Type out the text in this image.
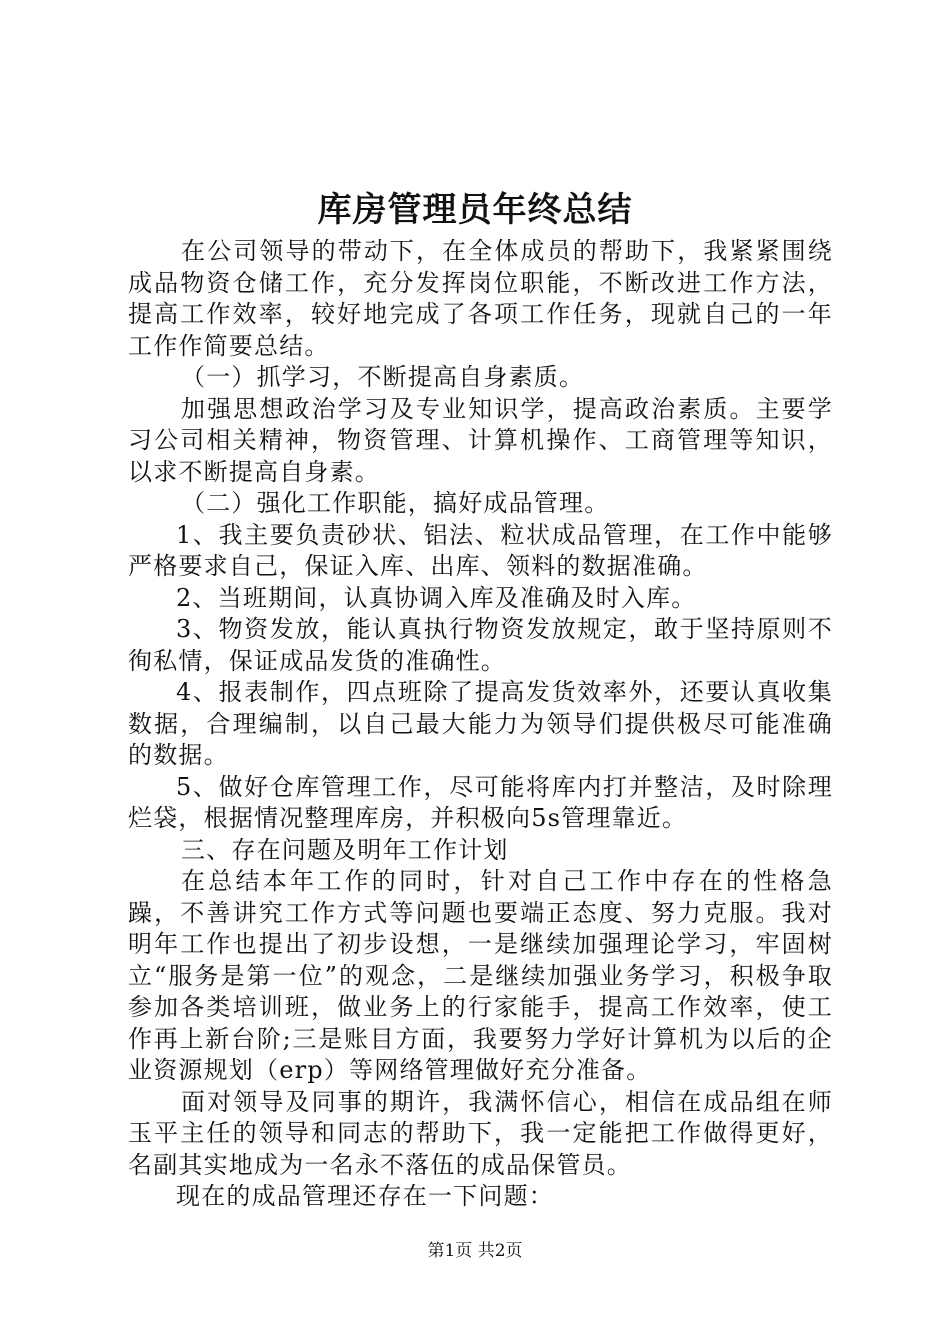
库房管理员年终总结

在公司领导的带动下，在全体成员的帮助下，我紧紧围绕成品物资仓储工作，充分发挥岗位职能，不断改进工作方法，提高工作效率，较好地完成了各项工作任务，现就自己的一年工作作简要总结。

（一）抓学习，不断提高自身素质。

加强思想政治学习及专业知识学，提高政治素质。主要学习公司相关精神，物资管理、计算机操作、工商管理等知识，以求不断提高自身素。

（二）强化工作职能，搞好成品管理。

1、我主要负责砂状、铝法、粒状成品管理，在工作中能够严格要求自己，保证入库、出库、领料的数据准确。

2、当班期间，认真协调入库及准确及时入库。

3、物资发放，能认真执行物资发放规定，敢于坚持原则不徇私情，保证成品发货的准确性。

4、报表制作，四点班除了提高发货效率外，还要认真收集数据，合理编制，以自己最大能力为领导们提供极尽可能准确的数据。

5、做好仓库管理工作，尽可能将库内打并整洁，及时除理烂袋，根据情况整理库房，并积极向5s管理靠近。

三、存在问题及明年工作计划

在总结本年工作的同时，针对自己工作中存在的性格急躁，不善讲究工作方式等问题也要端正态度、努力克服。我对明年工作也提出了初步设想，一是继续加强理论学习，牢固树立“服务是第一位”的观念，二是继续加强业务学习，积极争取参加各类培训班，做业务上的行家能手，提高工作效率，使工作再上新台阶;三是账目方面，我要努力学好计算机为以后的企业资源规划（erp）等网络管理做好充分准备。

面对领导及同事的期许，我满怀信心，相信在成品组在师玉平主任的领导和同志的帮助下，我一定能把工作做得更好，名副其实地成为一名永不落伍的成品保管员。

现在的成品管理还存在一下问题：

第1页 共2页
